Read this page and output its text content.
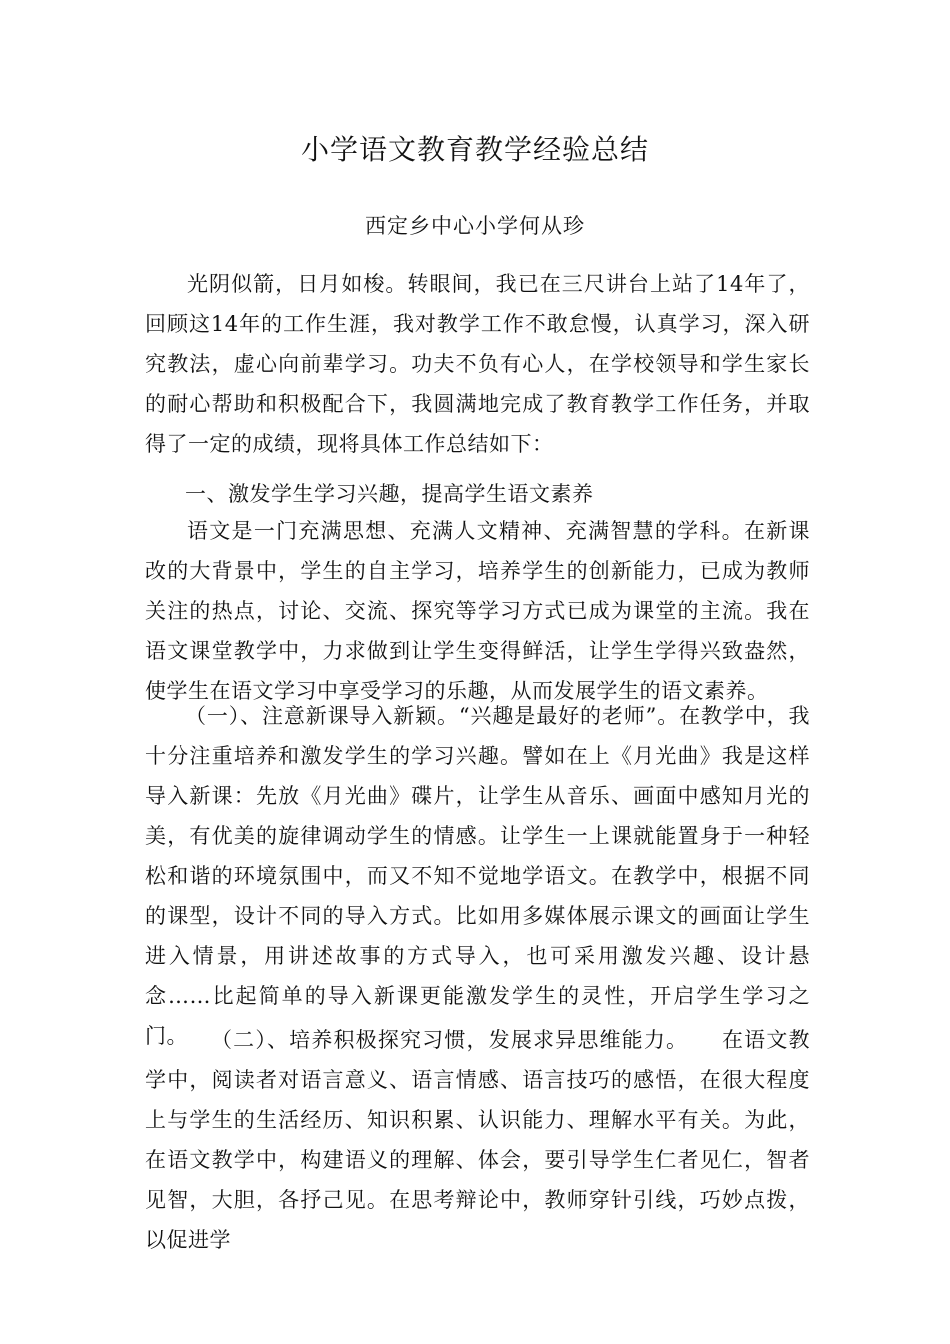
小学语文教育教学经验总结
西定乡中心小学何从珍

光阴似箭，日月如梭。转眼间，我已在三尺讲台上站了14年了，回顾这14年的工作生涯，我对教学工作不敢怠慢，认真学习，深入研究教法，虚心向前辈学习。功夫不负有心人，在学校领导和学生家长的耐心帮助和积极配合下，我圆满地完成了教育教学工作任务，并取得了一定的成绩，现将具体工作总结如下：

一、激发学生学习兴趣，提高学生语文素养

语文是一门充满思想、充满人文精神、充满智慧的学科。在新课改的大背景中，学生的自主学习，培养学生的创新能力，已成为教师关注的热点，讨论、交流、探究等学习方式已成为课堂的主流。我在语文课堂教学中，力求做到让学生变得鲜活，让学生学得兴致盎然，使学生在语文学习中享受学习的乐趣，从而发展学生的语文素养。

（一）、注意新课导入新颖。“兴趣是最好的老师”。在教学中，我十分注重培养和激发学生的学习兴趣。譬如在上《月光曲》我是这样导入新课：先放《月光曲》碟片，让学生从音乐、画面中感知月光的美，有优美的旋律调动学生的情感。让学生一上课就能置身于一种轻松和谐的环境氛围中，而又不知不觉地学语文。在教学中，根据不同的课型，设计不同的导入方式。比如用多媒体展示课文的画面让学生进入情景，用讲述故事的方式导入，也可采用激发兴趣、设计悬念……比起简单的导入新课更能激发学生的灵性，开启学生学习之门。	（二）、培养积极探究习惯，发展求异思维能力。　　在语文教学中，阅读者对语言意义、语言情感、语言技巧的感悟，在很大程度上与学生的生活经历、知识积累、认识能力、理解水平有关。为此，在语文教学中，构建语义的理解、体会，要引导学生仁者见仁，智者见智，大胆，各抒己见。在思考辩论中，教师穿针引线，巧妙点拨，以促进学
